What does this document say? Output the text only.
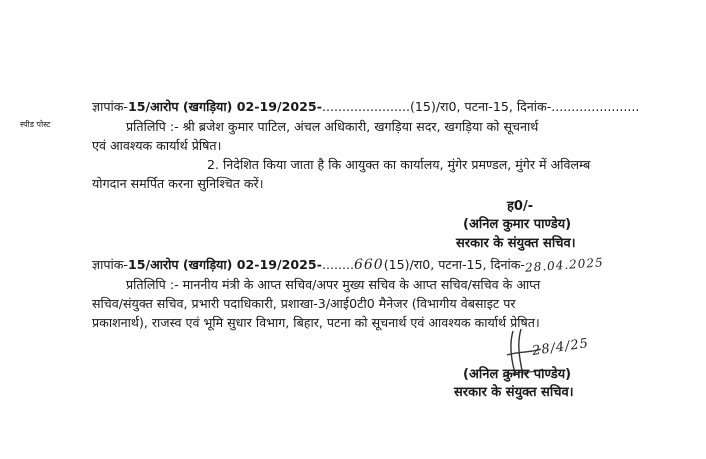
स्पीड पोस्ट
ज्ञापांक-15/आरोप (खगड़िया) 02-19/2025-......................(15)/रा0, पटना-15, दिनांक-......................
प्रतिलिपि :- श्री ब्रजेश कुमार पाटिल, अंचल अधिकारी, खगड़िया सदर, खगड़िया को सूचनार्थ
एवं आवश्यक कार्यार्थ प्रेषित।
2. निदेशित किया जाता है कि आयुक्त का कार्यालय, मुंगेर प्रमण्डल, मुंगेर में अविलम्ब
योगदान समर्पित करना सुनिश्चित करें।
ह0/-
(अनिल कुमार पाण्डेय)
सरकार के संयुक्त सचिव।
ज्ञापांक-15/आरोप (खगड़िया) 02-19/2025-........660(15)/रा0, पटना-15, दिनांक-28.04.2025
प्रतिलिपि :- माननीय मंत्री के आप्त सचिव/अपर मुख्य सचिव के आप्त सचिव/सचिव के आप्त
सचिव/संयुक्त सचिव, प्रभारी पदाधिकारी, प्रशाखा-3/आई0टी0 मैनेजर (विभागीय वेबसाइट पर
प्रकाशनार्थ), राजस्व एवं भूमि सुधार विभाग, बिहार, पटना को सूचनार्थ एवं आवश्यक कार्यार्थ प्रेषित।
28/4/25
(अनिल कुमार पाण्डेय)
सरकार के संयुक्त सचिव।
